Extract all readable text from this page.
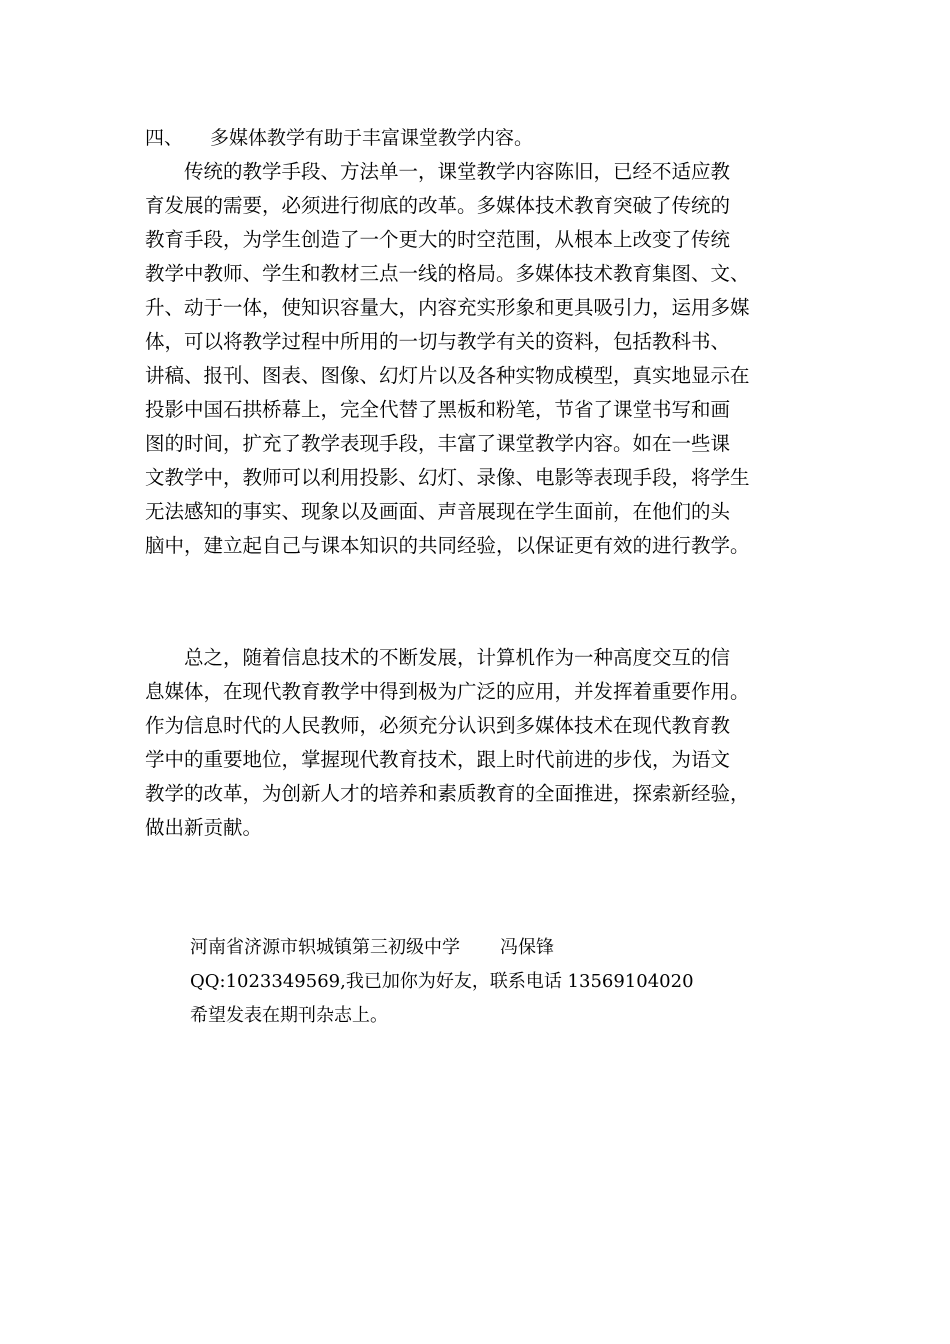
四、 多媒体教学有助于丰富课堂教学内容。
　　传统的教学手段、方法单一，课堂教学内容陈旧，已经不适应教
育发展的需要，必须进行彻底的改革。多媒体技术教育突破了传统的
教育手段，为学生创造了一个更大的时空范围，从根本上改变了传统
教学中教师、学生和教材三点一线的格局。多媒体技术教育集图、文、
升、动于一体，使知识容量大，内容充实形象和更具吸引力，运用多媒
体，可以将教学过程中所用的一切与教学有关的资料，包括教科书、
讲稿、报刊、图表、图像、幻灯片以及各种实物成模型，真实地显示在
投影中国石拱桥幕上，完全代替了黑板和粉笔，节省了课堂书写和画
图的时间，扩充了教学表现手段，丰富了课堂教学内容。如在一些课
文教学中，教师可以利用投影、幻灯、录像、电影等表现手段，将学生
无法感知的事实、现象以及画面、声音展现在学生面前，在他们的头
脑中，建立起自己与课本知识的共同经验，以保证更有效的进行教学。
　　总之，随着信息技术的不断发展，计算机作为一种高度交互的信
息媒体，在现代教育教学中得到极为广泛的应用，并发挥着重要作用。
作为信息时代的人民教师，必须充分认识到多媒体技术在现代教育教
学中的重要地位，掌握现代教育技术，跟上时代前进的步伐，为语文
教学的改革，为创新人才的培养和素质教育的全面推进，探索新经验，
做出新贡献。
河南省济源市轵城镇第三初级中学 冯保锋
QQ:1023349569,我已加你为好友，联系电话 13569104020
希望发表在期刊杂志上。
